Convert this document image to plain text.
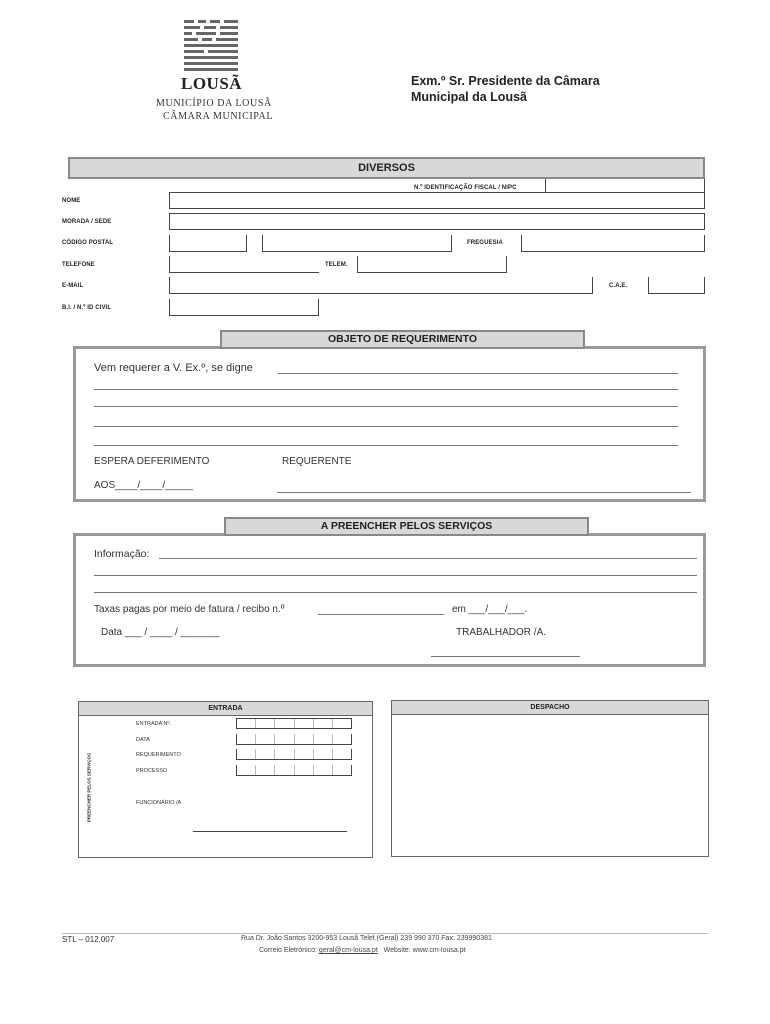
LOUSÃ
MUNICÍPIO DA LOUSÃ
CÂMARA MUNICIPAL
Exm.º Sr. Presidente da Câmara
Municipal da Lousã
DIVERSOS
N.º IDENTIFICAÇÃO FISCAL / NIPC
NOME
MORADA / SEDE
CÓDIGO POSTAL	FREGUESIA
TELEFONE	TELEM.
E-MAIL	C.A.E.
B.I. / N.º ID CIVIL
OBJETO DE REQUERIMENTO
Vem requerer a V. Ex.º, se digne
ESPERA DEFERIMENTO	REQUERENTE
AOS____/____/_____
A PREENCHER PELOS SERVIÇOS
Informação:
Taxas pagas por meio de fatura / recibo n.º	em ___/___/___.
Data ___ / ____ / _______	TRABALHADOR /A.
ENTRADA
PREENCHER PELOS SERVIÇOS
ENTRADA Nº.
DATA
REQUERIMENTO
PROCESSO
FUNCIONÁRIO /A
DESPACHO
STL – 012.007	Rua Dr. João Santos 3200-953 Lousã Telef.(Geral) 239 990 370 Fax: 239990381
Correio Eletrónico: geral@cm-lousa.pt   Website: www.cm-lousa.pt
